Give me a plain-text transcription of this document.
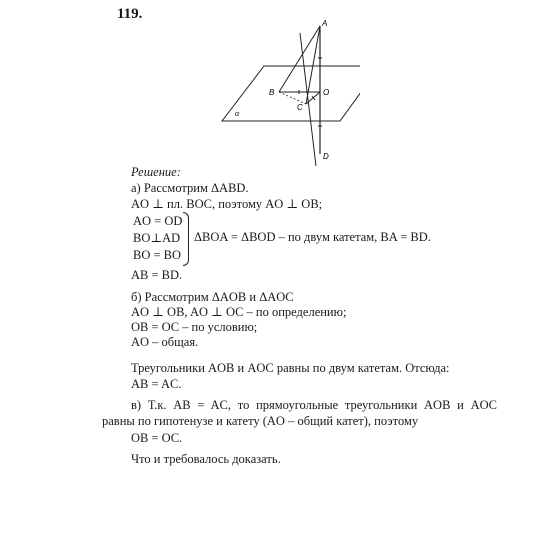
119.
A
B
C
O
D
α
Решение:
а) Рассмотрим ΔABD.
AO ⊥ пл. BOC, поэтому AO ⊥ OB;
AO = OD
BO⊥AD
BO = BO
ΔBOA = ΔBOD – по двум катетам, BA = BD.
AB = BD.
б) Рассмотрим ΔAOB и ΔAOC
AO ⊥ OB, AO ⊥ OC – по определению;
OB = OC – по условию;
AO – общая.
Треугольники AOB и AOC равны по двум катетам. Отсюда:
AB = AC.
в) Т.к. AB = AC, то прямоугольные треугольники AOB и AOC
равны по гипотенузе и катету (AO – общий катет), поэтому
OB = OC.
Что и требовалось доказать.
